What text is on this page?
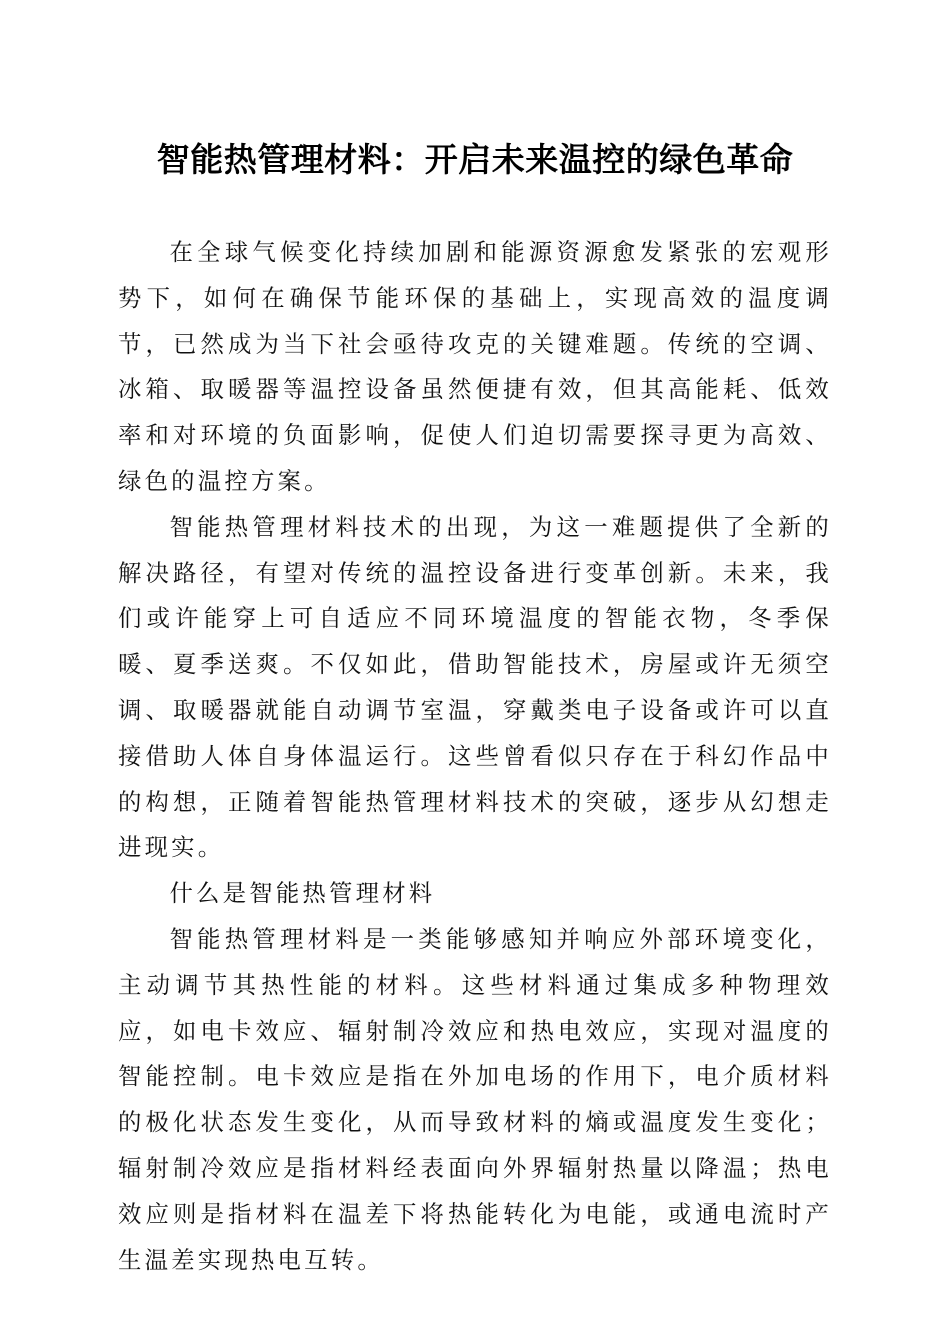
智能热管理材料：开启未来温控的绿色革命

在全球气候变化持续加剧和能源资源愈发紧张的宏观形势下，如何在确保节能环保的基础上，实现高效的温度调节，已然成为当下社会亟待攻克的关键难题。传统的空调、冰箱、取暖器等温控设备虽然便捷有效，但其高能耗、低效率和对环境的负面影响，促使人们迫切需要探寻更为高效、绿色的温控方案。

智能热管理材料技术的出现，为这一难题提供了全新的解决路径，有望对传统的温控设备进行变革创新。未来，我们或许能穿上可自适应不同环境温度的智能衣物，冬季保暖、夏季送爽。不仅如此，借助智能技术，房屋或许无须空调、取暖器就能自动调节室温，穿戴类电子设备或许可以直接借助人体自身体温运行。这些曾看似只存在于科幻作品中的构想，正随着智能热管理材料技术的突破，逐步从幻想走进现实。

什么是智能热管理材料

智能热管理材料是一类能够感知并响应外部环境变化，主动调节其热性能的材料。这些材料通过集成多种物理效应，如电卡效应、辐射制冷效应和热电效应，实现对温度的智能控制。电卡效应是指在外加电场的作用下，电介质材料的极化状态发生变化，从而导致材料的熵或温度发生变化；辐射制冷效应是指材料经表面向外界辐射热量以降温；热电效应则是指材料在温差下将热能转化为电能，或通电流时产生温差实现热电互转。
